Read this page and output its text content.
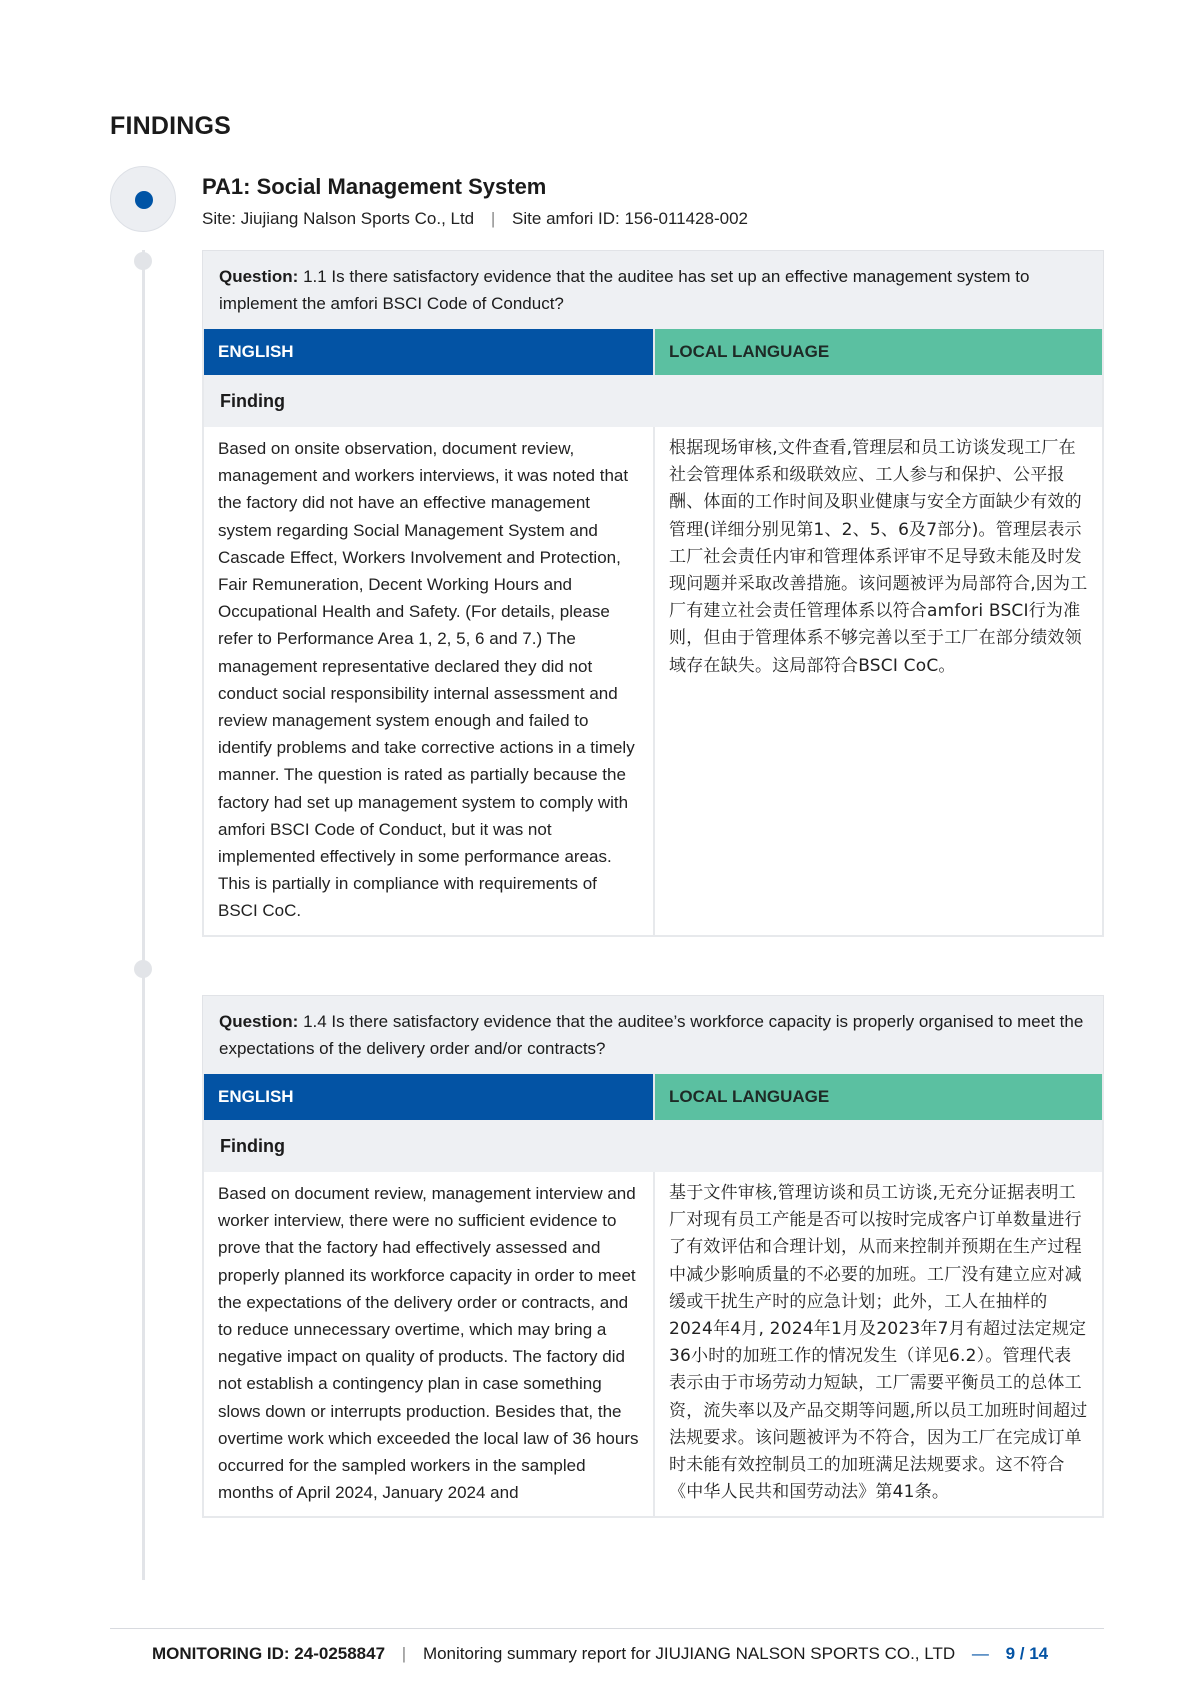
FINDINGS
PA1: Social Management System
Site: Jiujiang Nalson Sports Co., Ltd | Site amfori ID: 156-011428-002
Question: 1.1 Is there satisfactory evidence that the auditee has set up an effective management system to implement the amfori BSCI Code of Conduct?
ENGLISH	LOCAL LANGUAGE
Finding
Based on onsite observation, document review, management and workers interviews, it was noted that the factory did not have an effective management system regarding Social Management System and Cascade Effect, Workers Involvement and Protection, Fair Remuneration, Decent Working Hours and Occupational Health and Safety. (For details, please refer to Performance Area 1, 2, 5, 6 and 7.) The management representative declared they did not conduct social responsibility internal assessment and review management system enough and failed to identify problems and take corrective actions in a timely manner. The question is rated as partially because the factory had set up management system to comply with amfori BSCI Code of Conduct, but it was not implemented effectively in some performance areas. This is partially in compliance with requirements of BSCI CoC.
根据现场审核,文件查看,管理层和员工访谈发现工厂在社会管理体系和级联效应、工人参与和保护、公平报酬、体面的工作时间及职业健康与安全方面缺少有效的管理(详细分别见第1、2、5、6及7部分)。管理层表示工厂社会责任内审和管理体系评审不足导致未能及时发现问题并采取改善措施。该问题被评为局部符合,因为工厂有建立社会责任管理体系以符合amfori BSCI行为准则，但由于管理体系不够完善以至于工厂在部分绩效领域存在缺失。这局部符合BSCI CoC。
Question: 1.4 Is there satisfactory evidence that the auditee’s workforce capacity is properly organised to meet the expectations of the delivery order and/or contracts?
ENGLISH	LOCAL LANGUAGE
Finding
Based on document review, management interview and worker interview, there were no sufficient evidence to prove that the factory had effectively assessed and properly planned its workforce capacity in order to meet the expectations of the delivery order or contracts, and to reduce unnecessary overtime, which may bring a negative impact on quality of products. The factory did not establish a contingency plan in case something slows down or interrupts production. Besides that, the overtime work which exceeded the local law of 36 hours occurred for the sampled workers in the sampled months of April 2024, January 2024 and
基于文件审核,管理访谈和员工访谈,无充分证据表明工厂对现有员工产能是否可以按时完成客户订单数量进行了有效评估和合理计划，从而来控制并预期在生产过程中减少影响质量的不必要的加班。工厂没有建立应对减缓或干扰生产时的应急计划；此外，工人在抽样的2024年4月, 2024年1月及2023年7月有超过法定规定36小时的加班工作的情况发生（详见6.2）。管理代表表示由于市场劳动力短缺，工厂需要平衡员工的总体工资，流失率以及产品交期等问题,所以员工加班时间超过法规要求。该问题被评为不符合，因为工厂在完成订单时未能有效控制员工的加班满足法规要求。这不符合《中华人民共和国劳动法》第41条。
MONITORING ID: 24-0258847 | Monitoring summary report for JIUJIANG NALSON SPORTS CO., LTD — 9 / 14
